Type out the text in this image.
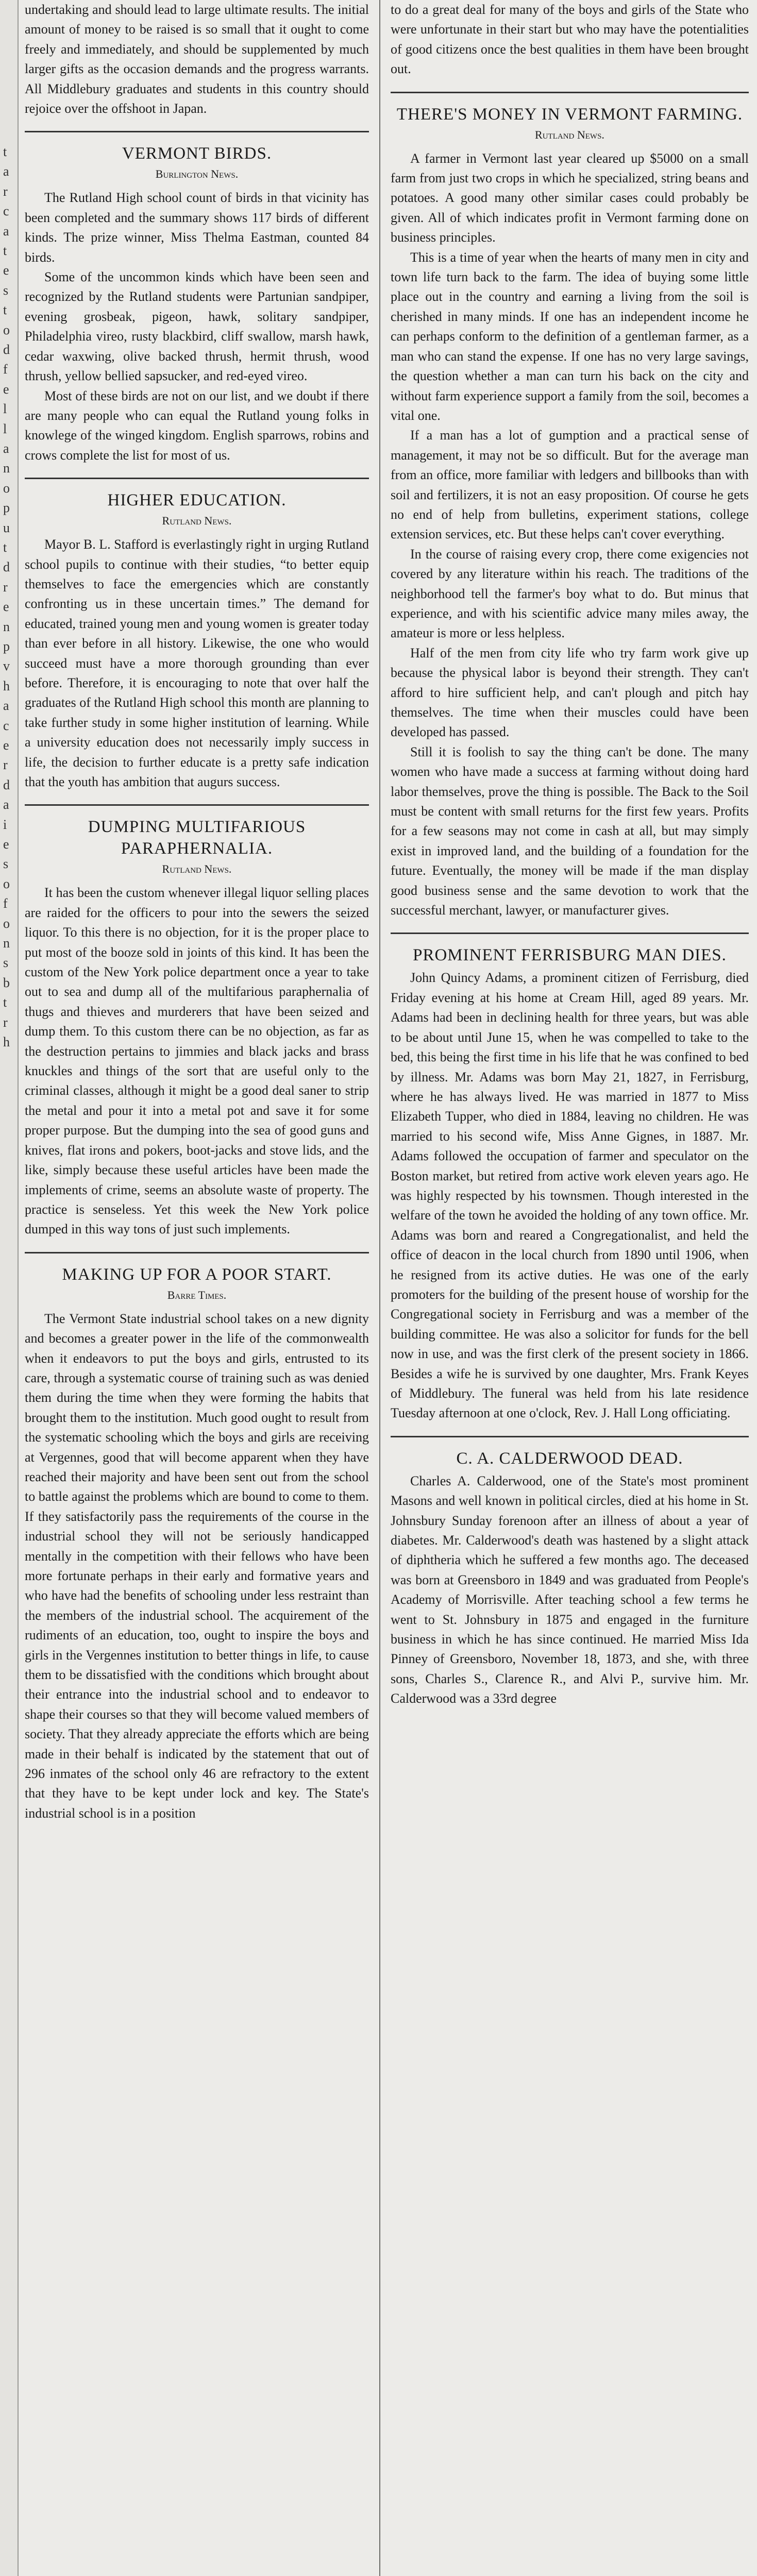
t
a
r
c
a
t
e
s
t
o
d
f
e
l
l
a
n
o
p
u
t
d
r
e
n
p
v
h
a
c
e
r
d
a
i
e
s
o
f
o
n
s
b
t
r
h

undertaking and should lead to large ultimate results. The initial amount of money to be raised is so small that it ought to come freely and immediately, and should be supplemented by much larger gifts as the occasion demands and the progress warrants. All Middlebury graduates and students in this country should rejoice over the offshoot in Japan.

VERMONT BIRDS.
Burlington News.

The Rutland High school count of birds in that vicinity has been completed and the summary shows 117 birds of different kinds. The prize winner, Miss Thelma Eastman, counted 84 birds.

Some of the uncommon kinds which have been seen and recognized by the Rutland students were Partunian sandpiper, evening grosbeak, pigeon, hawk, solitary sandpiper, Philadelphia vireo, rusty blackbird, cliff swallow, marsh hawk, cedar waxwing, olive backed thrush, hermit thrush, wood thrush, yellow bellied sapsucker, and red-eyed vireo.

Most of these birds are not on our list, and we doubt if there are many people who can equal the Rutland young folks in knowlege of the winged kingdom. English sparrows, robins and crows complete the list for most of us.

HIGHER EDUCATION.
Rutland News.

Mayor B. L. Stafford is everlastingly right in urging Rutland school pupils to continue with their studies, “to better equip themselves to face the emergencies which are constantly confronting us in these uncertain times.” The demand for educated, trained young men and young women is greater today than ever before in all history. Likewise, the one who would succeed must have a more thorough grounding than ever before. Therefore, it is encouraging to note that over half the graduates of the Rutland High school this month are planning to take further study in some higher institution of learning. While a university education does not necessarily imply success in life, the decision to further educate is a pretty safe indication that the youth has ambition that augurs success.

DUMPING MULTIFARIOUS PARAPHERNALIA.
Rutland News.

It has been the custom whenever illegal liquor selling places are raided for the officers to pour into the sewers the seized liquor. To this there is no objection, for it is the proper place to put most of the booze sold in joints of this kind. It has been the custom of the New York police department once a year to take out to sea and dump all of the multifarious paraphernalia of thugs and thieves and murderers that have been seized and dump them. To this custom there can be no objection, as far as the destruction pertains to jimmies and black jacks and brass knuckles and things of the sort that are useful only to the criminal classes, although it might be a good deal saner to strip the metal and pour it into a metal pot and save it for some proper purpose. But the dumping into the sea of good guns and knives, flat irons and pokers, boot-jacks and stove lids, and the like, simply because these useful articles have been made the implements of crime, seems an absolute waste of property. The practice is senseless. Yet this week the New York police dumped in this way tons of just such implements.

MAKING UP FOR A POOR START.
Barre Times.

The Vermont State industrial school takes on a new dignity and becomes a greater power in the life of the commonwealth when it endeavors to put the boys and girls, entrusted to its care, through a systematic course of training such as was denied them during the time when they were forming the habits that brought them to the institution. Much good ought to result from the systematic schooling which the boys and girls are receiving at Vergennes, good that will become apparent when they have reached their majority and have been sent out from the school to battle against the problems which are bound to come to them. If they satisfactorily pass the requirements of the course in the industrial school they will not be seriously handicapped mentally in the competition with their fellows who have been more fortunate perhaps in their early and formative years and who have had the benefits of schooling under less restraint than the members of the industrial school. The acquirement of the rudiments of an education, too, ought to inspire the boys and girls in the Vergennes institution to better things in life, to cause them to be dissatisfied with the conditions which brought about their entrance into the industrial school and to endeavor to shape their courses so that they will become valued members of society. That they already appreciate the efforts which are being made in their behalf is indicated by the statement that out of 296 inmates of the school only 46 are refractory to the extent that they have to be kept under lock and key. The State's industrial school is in a position

to do a great deal for many of the boys and girls of the State who were unfortunate in their start but who may have the potentialities of good citizens once the best qualities in them have been brought out.

THERE'S MONEY IN VERMONT FARMING.
Rutland News.

A farmer in Vermont last year cleared up $5000 on a small farm from just two crops in which he specialized, string beans and potatoes. A good many other similar cases could probably be given. All of which indicates profit in Vermont farming done on business principles.

This is a time of year when the hearts of many men in city and town life turn back to the farm. The idea of buying some little place out in the country and earning a living from the soil is cherished in many minds. If one has an independent income he can perhaps conform to the definition of a gentleman farmer, as a man who can stand the expense. If one has no very large savings, the question whether a man can turn his back on the city and without farm experience support a family from the soil, becomes a vital one.

If a man has a lot of gumption and a practical sense of management, it may not be so difficult. But for the average man from an office, more familiar with ledgers and billbooks than with soil and fertilizers, it is not an easy proposition. Of course he gets no end of help from bulletins, experiment stations, college extension services, etc. But these helps can't cover everything.

In the course of raising every crop, there come exigencies not covered by any literature within his reach. The traditions of the neighborhood tell the farmer's boy what to do. But minus that experience, and with his scientific advice many miles away, the amateur is more or less helpless.

Half of the men from city life who try farm work give up because the physical labor is beyond their strength. They can't afford to hire sufficient help, and can't plough and pitch hay themselves. The time when their muscles could have been developed has passed.

Still it is foolish to say the thing can't be done. The many women who have made a success at farming without doing hard labor themselves, prove the thing is possible. The Back to the Soil must be content with small returns for the first few years. Profits for a few seasons may not come in cash at all, but may simply exist in improved land, and the building of a foundation for the future. Eventually, the money will be made if the man display good business sense and the same devotion to work that the successful merchant, lawyer, or manufacturer gives.

PROMINENT FERRISBURG MAN DIES.

John Quincy Adams, a prominent citizen of Ferrisburg, died Friday evening at his home at Cream Hill, aged 89 years. Mr. Adams had been in declining health for three years, but was able to be about until June 15, when he was compelled to take to the bed, this being the first time in his life that he was confined to bed by illness. Mr. Adams was born May 21, 1827, in Ferrisburg, where he has always lived. He was married in 1877 to Miss Elizabeth Tupper, who died in 1884, leaving no children. He was married to his second wife, Miss Anne Gignes, in 1887. Mr. Adams followed the occupation of farmer and speculator on the Boston market, but retired from active work eleven years ago. He was highly respected by his townsmen. Though interested in the welfare of the town he avoided the holding of any town office. Mr. Adams was born and reared a Congregationalist, and held the office of deacon in the local church from 1890 until 1906, when he resigned from its active duties. He was one of the early promoters for the building of the present house of worship for the Congregational society in Ferrisburg and was a member of the building committee. He was also a solicitor for funds for the bell now in use, and was the first clerk of the present society in 1866. Besides a wife he is survived by one daughter, Mrs. Frank Keyes of Middlebury. The funeral was held from his late residence Tuesday afternoon at one o'clock, Rev. J. Hall Long officiating.

C. A. CALDERWOOD DEAD.

Charles A. Calderwood, one of the State's most prominent Masons and well known in political circles, died at his home in St. Johnsbury Sunday forenoon after an illness of about a year of diabetes. Mr. Calderwood's death was hastened by a slight attack of diphtheria which he suffered a few months ago. The deceased was born at Greensboro in 1849 and was graduated from People's Academy of Morrisville. After teaching school a few terms he went to St. Johnsbury in 1875 and engaged in the furniture business in which he has since continued. He married Miss Ida Pinney of Greensboro, November 18, 1873, and she, with three sons, Charles S., Clarence R., and Alvi P., survive him. Mr. Calderwood was a 33rd degree
